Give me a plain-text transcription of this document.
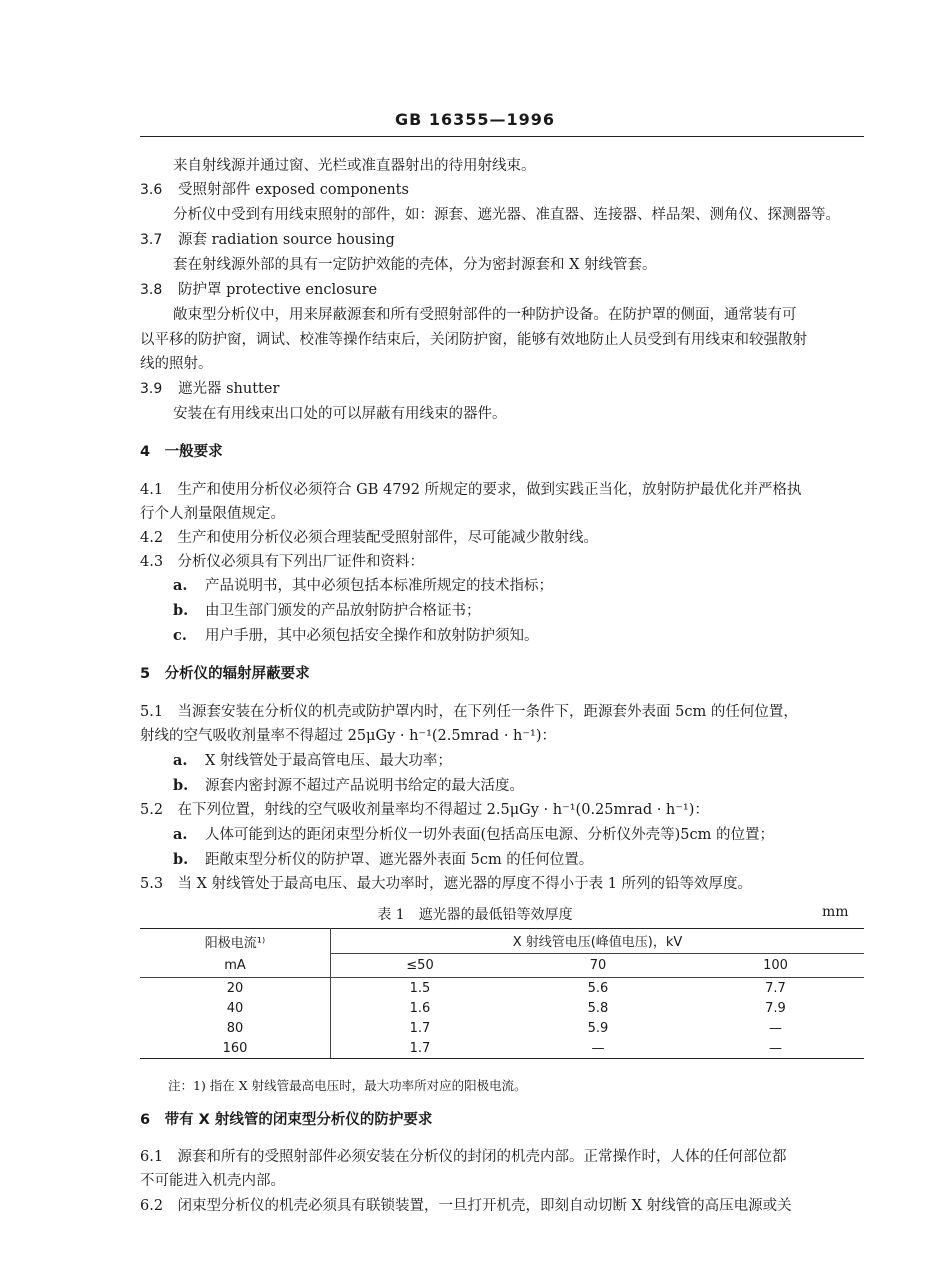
GB 16355—1996
来自射线源并通过窗、光栏或准直器射出的待用射线束。
3.6 受照射部件 exposed components
分析仪中受到有用线束照射的部件，如：源套、遮光器、准直器、连接器、样品架、测角仪、探测器等。
3.7 源套 radiation source housing
套在射线源外部的具有一定防护效能的壳体，分为密封源套和 X 射线管套。
3.8 防护罩 protective enclosure
敞束型分析仪中，用来屏蔽源套和所有受照射部件的一种防护设备。在防护罩的侧面，通常装有可
以平移的防护窗，调试、校准等操作结束后，关闭防护窗，能够有效地防止人员受到有用线束和较强散射
线的照射。
3.9 遮光器 shutter
安装在有用线束出口处的可以屏蔽有用线束的器件。
4　一般要求
4.1　生产和使用分析仪必须符合 GB 4792 所规定的要求，做到实践正当化，放射防护最优化并严格执
行个人剂量限值规定。
4.2　生产和使用分析仪必须合理装配受照射部件，尽可能减少散射线。
4.3　分析仪必须具有下列出厂证件和资料：
a. 产品说明书，其中必须包括本标准所规定的技术指标；
b. 由卫生部门颁发的产品放射防护合格证书；
c. 用户手册，其中必须包括安全操作和放射防护须知。
5　分析仪的辐射屏蔽要求
5.1　当源套安装在分析仪的机壳或防护罩内时，在下列任一条件下，距源套外表面 5cm 的任何位置，
射线的空气吸收剂量率不得超过 25μGy · h⁻¹(2.5mrad · h⁻¹)：
a. X 射线管处于最高管电压、最大功率；
b. 源套内密封源不超过产品说明书给定的最大活度。
5.2　在下列位置，射线的空气吸收剂量率均不得超过 2.5μGy · h⁻¹(0.25mrad · h⁻¹)：
a. 人体可能到达的距闭束型分析仪一切外表面(包括高压电源、分析仪外壳等)5cm 的位置；
b. 距敞束型分析仪的防护罩、遮光器外表面 5cm 的任何位置。
5.3　当 X 射线管处于最高电压、最大功率时，遮光器的厚度不得小于表 1 所列的铅等效厚度。
表 1　遮光器的最低铅等效厚度	mm
阳极电流¹⁾	X 射线管电压(峰值电压)，kV		
mA	≤50	70	100
20	1.5	5.6	7.7
40	1.6	5.8	7.9
80	1.7	5.9	—
160	1.7	—	—
注：1) 指在 X 射线管最高电压时，最大功率所对应的阳极电流。
6　带有 X 射线管的闭束型分析仪的防护要求
6.1　源套和所有的受照射部件必须安装在分析仪的封闭的机壳内部。正常操作时，人体的任何部位都
不可能进入机壳内部。
6.2　闭束型分析仪的机壳必须具有联锁装置，一旦打开机壳，即刻自动切断 X 射线管的高压电源或关
